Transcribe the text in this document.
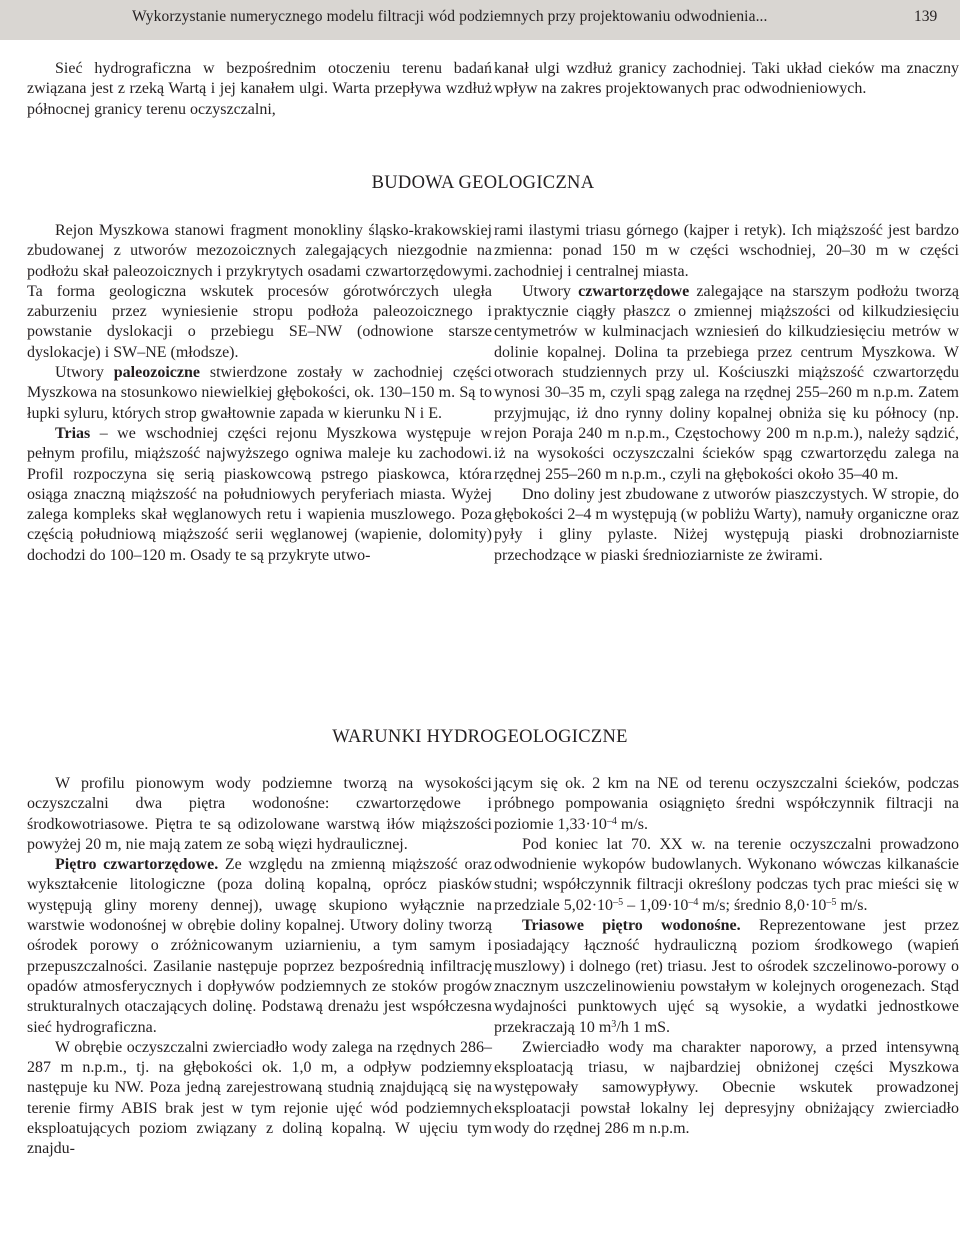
Wykorzystanie numerycznego modelu filtracji wód podziemnych przy projektowaniu odwodnienia...	139

Sieć hydrograficzna w bezpośrednim otoczeniu terenu badań związana jest z rzeką Wartą i jej kanałem ulgi. Warta przepływa wzdłuż północnej granicy terenu oczyszczalni,

kanał ulgi wzdłuż granicy zachodniej. Taki układ cieków ma znaczny wpływ na zakres projektowanych prac odwodnieniowych.

BUDOWA GEOLOGICZNA

Rejon Myszkowa stanowi fragment monokliny śląsko-krakowskiej zbudowanej z utworów mezozoicznych zalegających niezgodnie na podłożu skał paleozoicznych i przykrytych osadami czwartorzędowymi. Ta forma geologiczna wskutek procesów górotwórczych uległa zaburzeniu przez wyniesienie stropu podłoża paleozoicznego i powstanie dyslokacji o przebiegu SE–NW (odnowione starsze dyslokacje) i SW–NE (młodsze).

Utwory paleozoiczne stwierdzone zostały w zachodniej części Myszkowa na stosunkowo niewielkiej głębokości, ok. 130–150 m. Są to łupki syluru, których strop gwałtownie zapada w kierunku N i E.

Trias – we wschodniej części rejonu Myszkowa występuje w pełnym profilu, miąższość najwyższego ogniwa maleje ku zachodowi. Profil rozpoczyna się serią piaskowcową pstrego piaskowca, która osiąga znaczną miąższość na południowych peryferiach miasta. Wyżej zalega kompleks skał węglanowych retu i wapienia muszlowego. Poza częścią południową miąższość serii węglanowej (wapienie, dolomity) dochodzi do 100–120 m. Osady te są przykryte utwo-

rami ilastymi triasu górnego (kajper i retyk). Ich miąższość jest bardzo zmienna: ponad 150 m w części wschodniej, 20–30 m w części zachodniej i centralnej miasta.

Utwory czwartorzędowe zalegające na starszym podłożu tworzą praktycznie ciągły płaszcz o zmiennej miąższości od kilkudziesięciu centymetrów w kulminacjach wzniesień do kilkudziesięciu metrów w dolinie kopalnej. Dolina ta przebiega przez centrum Myszkowa. W otworach studziennych przy ul. Kościuszki miąższość czwartorzędu wynosi 30–35 m, czyli spąg zalega na rzędnej 255–260 m n.p.m. Zatem przyjmując, iż dno rynny doliny kopalnej obniża się ku północy (np. rejon Poraja 240 m n.p.m., Częstochowy 200 m n.p.m.), należy sądzić, iż na wysokości oczyszczalni ścieków spąg czwartorzędu zalega na rzędnej 255–260 m n.p.m., czyli na głębokości około 35–40 m.

Dno doliny jest zbudowane z utworów piaszczystych. W stropie, do głębokości 2–4 m występują (w pobliżu Warty), namuły organiczne oraz pyły i gliny pylaste. Niżej występują piaski drobnoziarniste przechodzące w piaski średnioziarniste ze żwirami.

WARUNKI HYDROGEOLOGICZNE

W profilu pionowym wody podziemne tworzą na wysokości oczyszczalni dwa piętra wodonośne: czwartorzędowe i środkowotriasowe. Piętra te są odizolowane warstwą iłów miąższości powyżej 20 m, nie mają zatem ze sobą więzi hydraulicznej.

Piętro czwartorzędowe. Ze względu na zmienną miąższość oraz wykształcenie litologiczne (poza doliną kopalną, oprócz piasków występują gliny moreny dennej), uwagę skupiono wyłącznie na warstwie wodonośnej w obrębie doliny kopalnej. Utwory doliny tworzą ośrodek porowy o zróżnicowanym uziarnieniu, a tym samym i przepuszczalności. Zasilanie następuje poprzez bezpośrednią infiltrację opadów atmosferycznych i dopływów podziemnych ze stoków progów strukturalnych otaczających dolinę. Podstawą drenażu jest współczesna sieć hydrograficzna.

W obrębie oczyszczalni zwierciadło wody zalega na rzędnych 286–287 m n.p.m., tj. na głębokości ok. 1,0 m, a odpływ podziemny następuje ku NW. Poza jedną zarejestrowaną studnią znajdującą się na terenie firmy ABIS brak jest w tym rejonie ujęć wód podziemnych eksploatujących poziom związany z doliną kopalną. W ujęciu tym znajdu-

jącym się ok. 2 km na NE od terenu oczyszczalni ścieków, podczas próbnego pompowania osiągnięto średni współczynnik filtracji na poziomie $1,33\cdot 10^{-4}$ m/s.

Pod koniec lat 70. XX w. na terenie oczyszczalni prowadzono odwodnienie wykopów budowlanych. Wykonano wówczas kilkanaście studni; współczynnik filtracji określony podczas tych prac mieści się w przedziale $5,02\cdot 10^{-5} - 1,09\cdot 10^{-4}$ m/s; średnio $8,0\cdot 10^{-5}$ m/s.

Triasowe piętro wodonośne. Reprezentowane jest przez posiadający łączność hydrauliczną poziom środkowego (wapień muszlowy) i dolnego (ret) triasu. Jest to ośrodek szczelinowo-porowy o znacznym uszczelinowieniu powstałym w kolejnych orogenezach. Stąd wydajności punktowych ujęć są wysokie, a wydatki jednostkowe przekraczają 10 $m^3/h$ 1 mS.

Zwierciadło wody ma charakter naporowy, a przed intensywną eksploatacją triasu, w najbardziej obniżonej części Myszkowa występowały samowypływy. Obecnie wskutek prowadzonej eksploatacji powstał lokalny lej depresyjny obniżający zwierciadło wody do rzędnej 286 m n.p.m.
